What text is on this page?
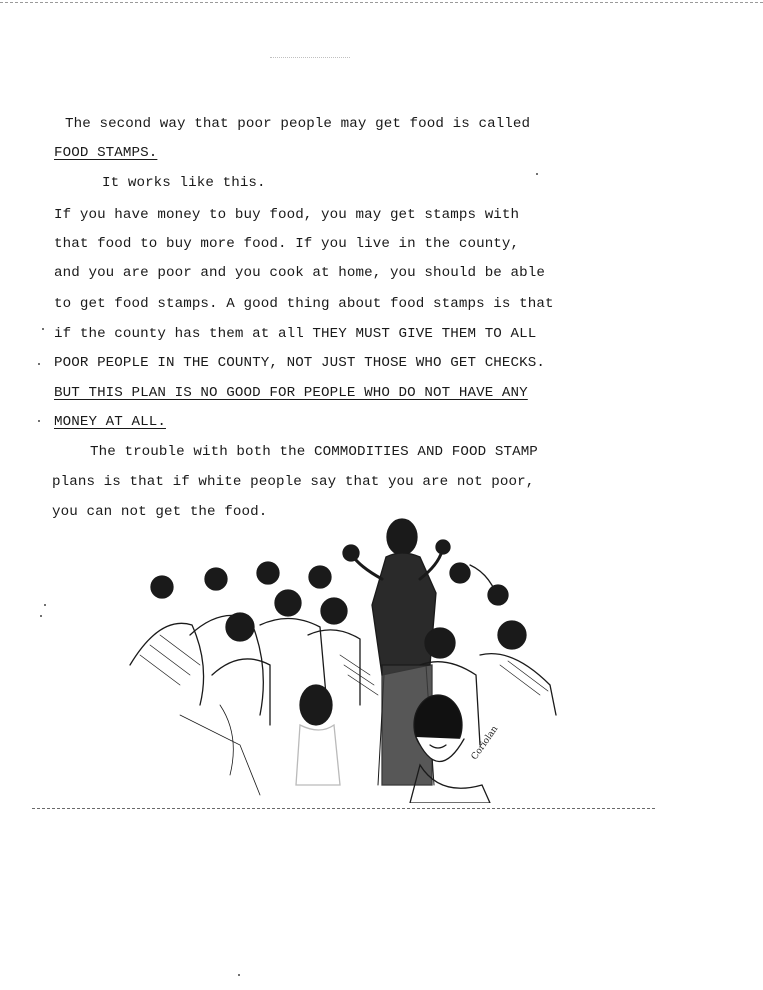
The second way that poor people may get food is called
FOOD STAMPS.
It works like this.
If you have money to buy food, you may get stamps with
that food to buy more food. If you live in the county,
and you are poor and you cook at home, you should be able
to get food stamps. A good thing about food stamps is that
if the county has them at all THEY MUST GIVE THEM TO ALL
POOR PEOPLE IN THE COUNTY, NOT JUST THOSE WHO GET CHECKS.
BUT THIS PLAN IS NO GOOD FOR PEOPLE WHO DO NOT HAVE ANY
MONEY AT ALL.
The trouble with both the COMMODITIES AND FOOD STAMP
plans is that if white people say that you are not poor,
you can not get the food.
Coriolan
